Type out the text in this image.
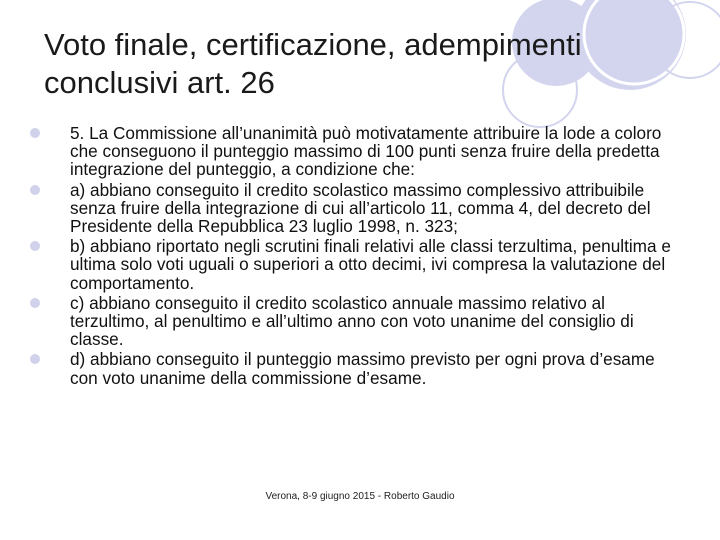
Voto finale, certificazione, adempimenti conclusivi art. 26
5. La Commissione all’unanimità può motivatamente attribuire la lode a coloro che conseguono il punteggio massimo di 100 punti senza fruire della predetta integrazione del punteggio, a condizione che:
a) abbiano conseguito il credito scolastico massimo complessivo attribuibile senza fruire della integrazione di cui all’articolo 11, comma 4, del decreto del Presidente della Repubblica 23 luglio 1998, n. 323;
b) abbiano riportato negli scrutini finali relativi alle classi terzultima, penultima e ultima solo voti uguali o superiori a otto decimi, ivi compresa la valutazione del comportamento.
c) abbiano conseguito il credito scolastico annuale massimo relativo al terzultimo, al penultimo e all’ultimo anno con voto unanime del consiglio di classe.
d) abbiano conseguito il punteggio massimo previsto per ogni prova d’esame con voto unanime della commissione d’esame.
Verona, 8-9 giugno 2015 - Roberto Gaudio
